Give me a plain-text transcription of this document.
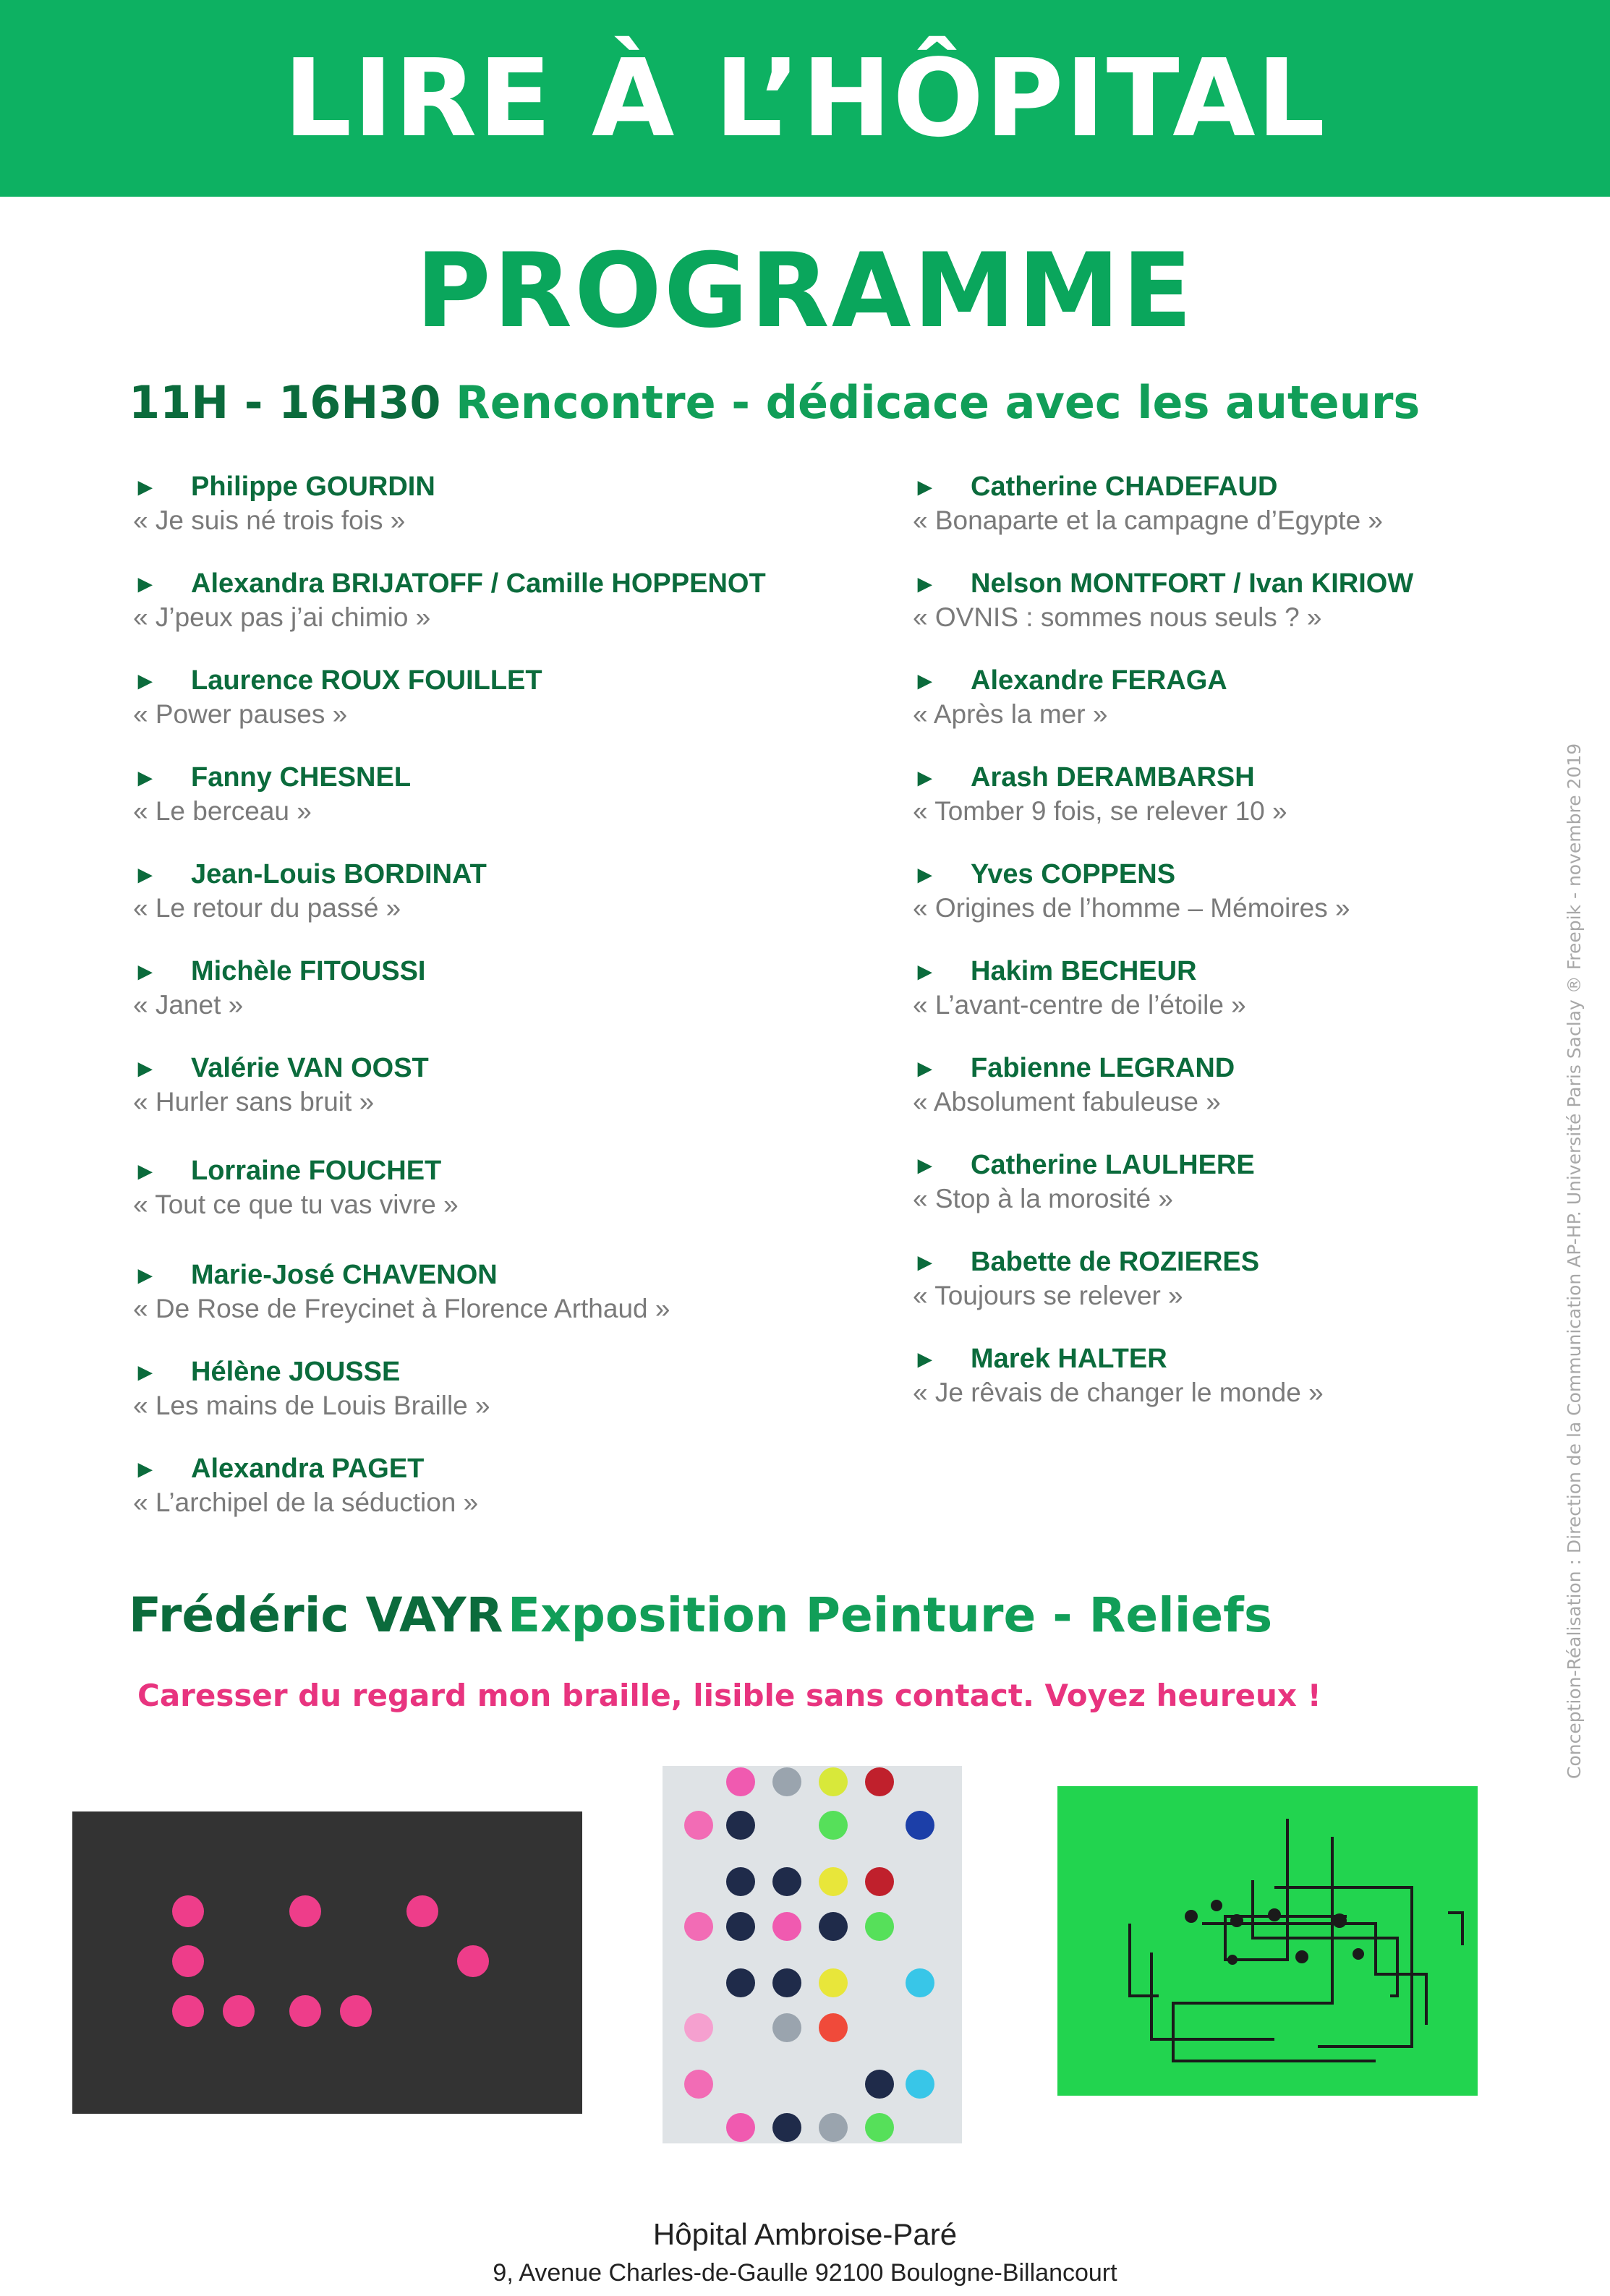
LIRE À L’HÔPITAL
PROGRAMME
11H - 16H30 Rencontre - dédicace avec les auteurs
► Philippe GOURDIN
« Je suis né trois fois »
► Alexandra BRIJATOFF / Camille HOPPENOT
« J’peux pas j’ai chimio »
► Laurence ROUX FOUILLET
« Power pauses »
► Fanny CHESNEL
« Le berceau »
► Jean-Louis BORDINAT
« Le retour du passé »
► Michèle FITOUSSI
« Janet »
► Valérie VAN OOST
« Hurler sans bruit »
► Lorraine FOUCHET
« Tout ce que tu vas vivre »
► Marie-José CHAVENON
« De Rose de Freycinet à Florence Arthaud »
► Hélène JOUSSE
« Les mains de Louis Braille »
► Alexandra PAGET
« L’archipel de la séduction »
► Catherine CHADEFAUD
« Bonaparte et la campagne d’Egypte »
► Nelson MONTFORT / Ivan KIRIOW
« OVNIS : sommes nous seuls ? »
► Alexandre FERAGA
« Après la mer »
► Arash DERAMBARSH
« Tomber 9 fois, se relever 10 »
► Yves COPPENS
« Origines de l’homme – Mémoires »
► Hakim BECHEUR
« L’avant-centre de l’étoile »
► Fabienne LEGRAND
« Absolument fabuleuse »
► Catherine LAULHERE
« Stop à la morosité »
► Babette de ROZIERES
« Toujours se relever »
► Marek HALTER
« Je rêvais de changer le monde »
Frédéric VAYR Exposition Peinture - Reliefs
Caresser du regard mon braille, lisible sans contact. Voyez heureux !	Conception-Réalisation : Direction de la Communication AP-HP. Université Paris Saclay ® Freepik - novembre 2019
Hôpital Ambroise-Paré
9, Avenue Charles-de-Gaulle 92100 Boulogne-Billancourt
